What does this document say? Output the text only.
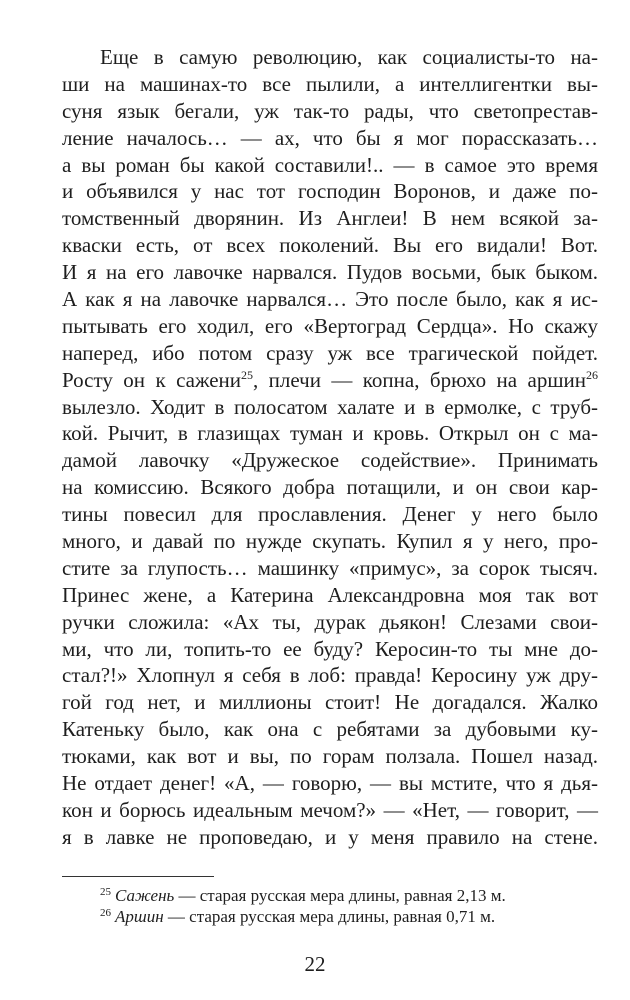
Еще в самую революцию, как социалисты-то на-
ши на машинах-то все пылили, а интеллигентки вы-
суня язык бегали, уж так-то рады, что светопрестав-
ление началось… — ах, что бы я мог порассказать…
а вы роман бы какой составили!.. — в самое это время
и объявился у нас тот господин Воронов, и даже по-
томственный дворянин. Из Англеи! В нем всякой за-
кваски есть, от всех поколений. Вы его видали! Вот.
И я на его лавочке нарвался. Пудов восьми, бык быком.
А как я на лавочке нарвался… Это после было, как я ис-
пытывать его ходил, его «Вертоград Сердца». Но скажу
наперед, ибо потом сразу уж все трагической пойдет.
Росту он к сажени$^{25}$, плечи — копна, брюхо на аршин$^{26}$
вылезло. Ходит в полосатом халате и в ермолке, с труб-
кой. Рычит, в глазищах туман и кровь. Открыл он с ма-
дамой лавочку «Дружеское содействие». Принимать
на комиссию. Всякого добра потащили, и он свои кар-
тины повесил для прославления. Денег у него было
много, и давай по нужде скупать. Купил я у него, про-
стите за глупость… машинку «примус», за сорок тысяч.
Принес жене, а Катерина Александровна моя так вот
ручки сложила: «Ах ты, дурак дьякон! Слезами свои-
ми, что ли, топить-то ее буду? Керосин-то ты мне до-
стал?!» Хлопнул я себя в лоб: правда! Керосину уж дру-
гой год нет, и миллионы стоит! Не догадался. Жалко
Катеньку было, как она с ребятами за дубовыми ку-
тюками, как вот и вы, по горам ползала. Пошел назад.
Не отдает денег! «А, — говорю, — вы мстите, что я дья-
кон и борюсь идеальным мечом?» — «Нет, — говорит, —
я в лавке не проповедаю, и у меня правило на стене.
$^{25}$ Сажень — старая русская мера длины, равная 2,13 м.
$^{26}$ Аршин — старая русская мера длины, равная 0,71 м.
22
